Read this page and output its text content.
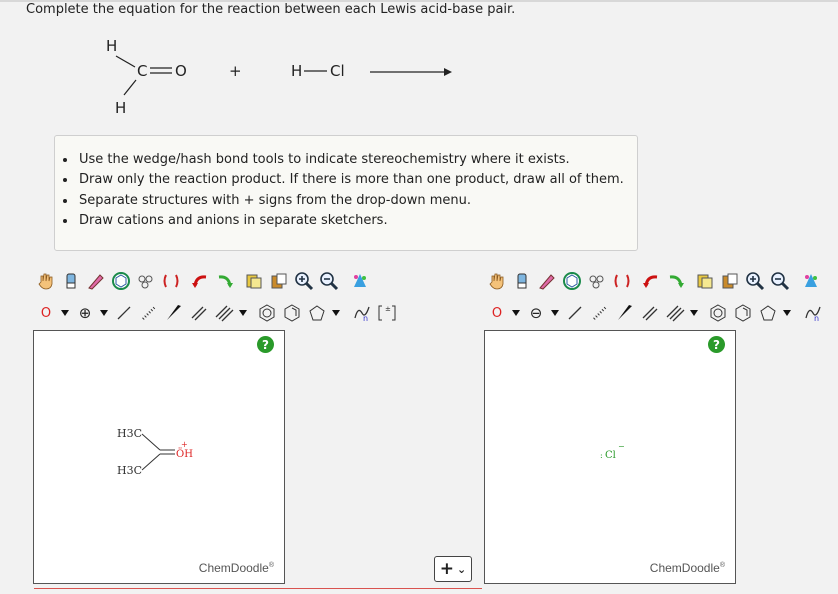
Complete the equation for the reaction between each Lewis acid-base pair.
H
C O
H
+	H Cl
• Use the wedge/hash bond tools to indicate stereochemistry where it exists.
• Draw only the reaction product. If there is more than one product, draw all of them.
• Separate structures with + signs from the drop-down menu.
• Draw cations and anions in separate sketchers.
O	⊕	n
±
?
H3C
H3C
ÖH
+
ChemDoodle®	+ ⌄
O	⊖	n
?
Cl
−
:
ChemDoodle®
